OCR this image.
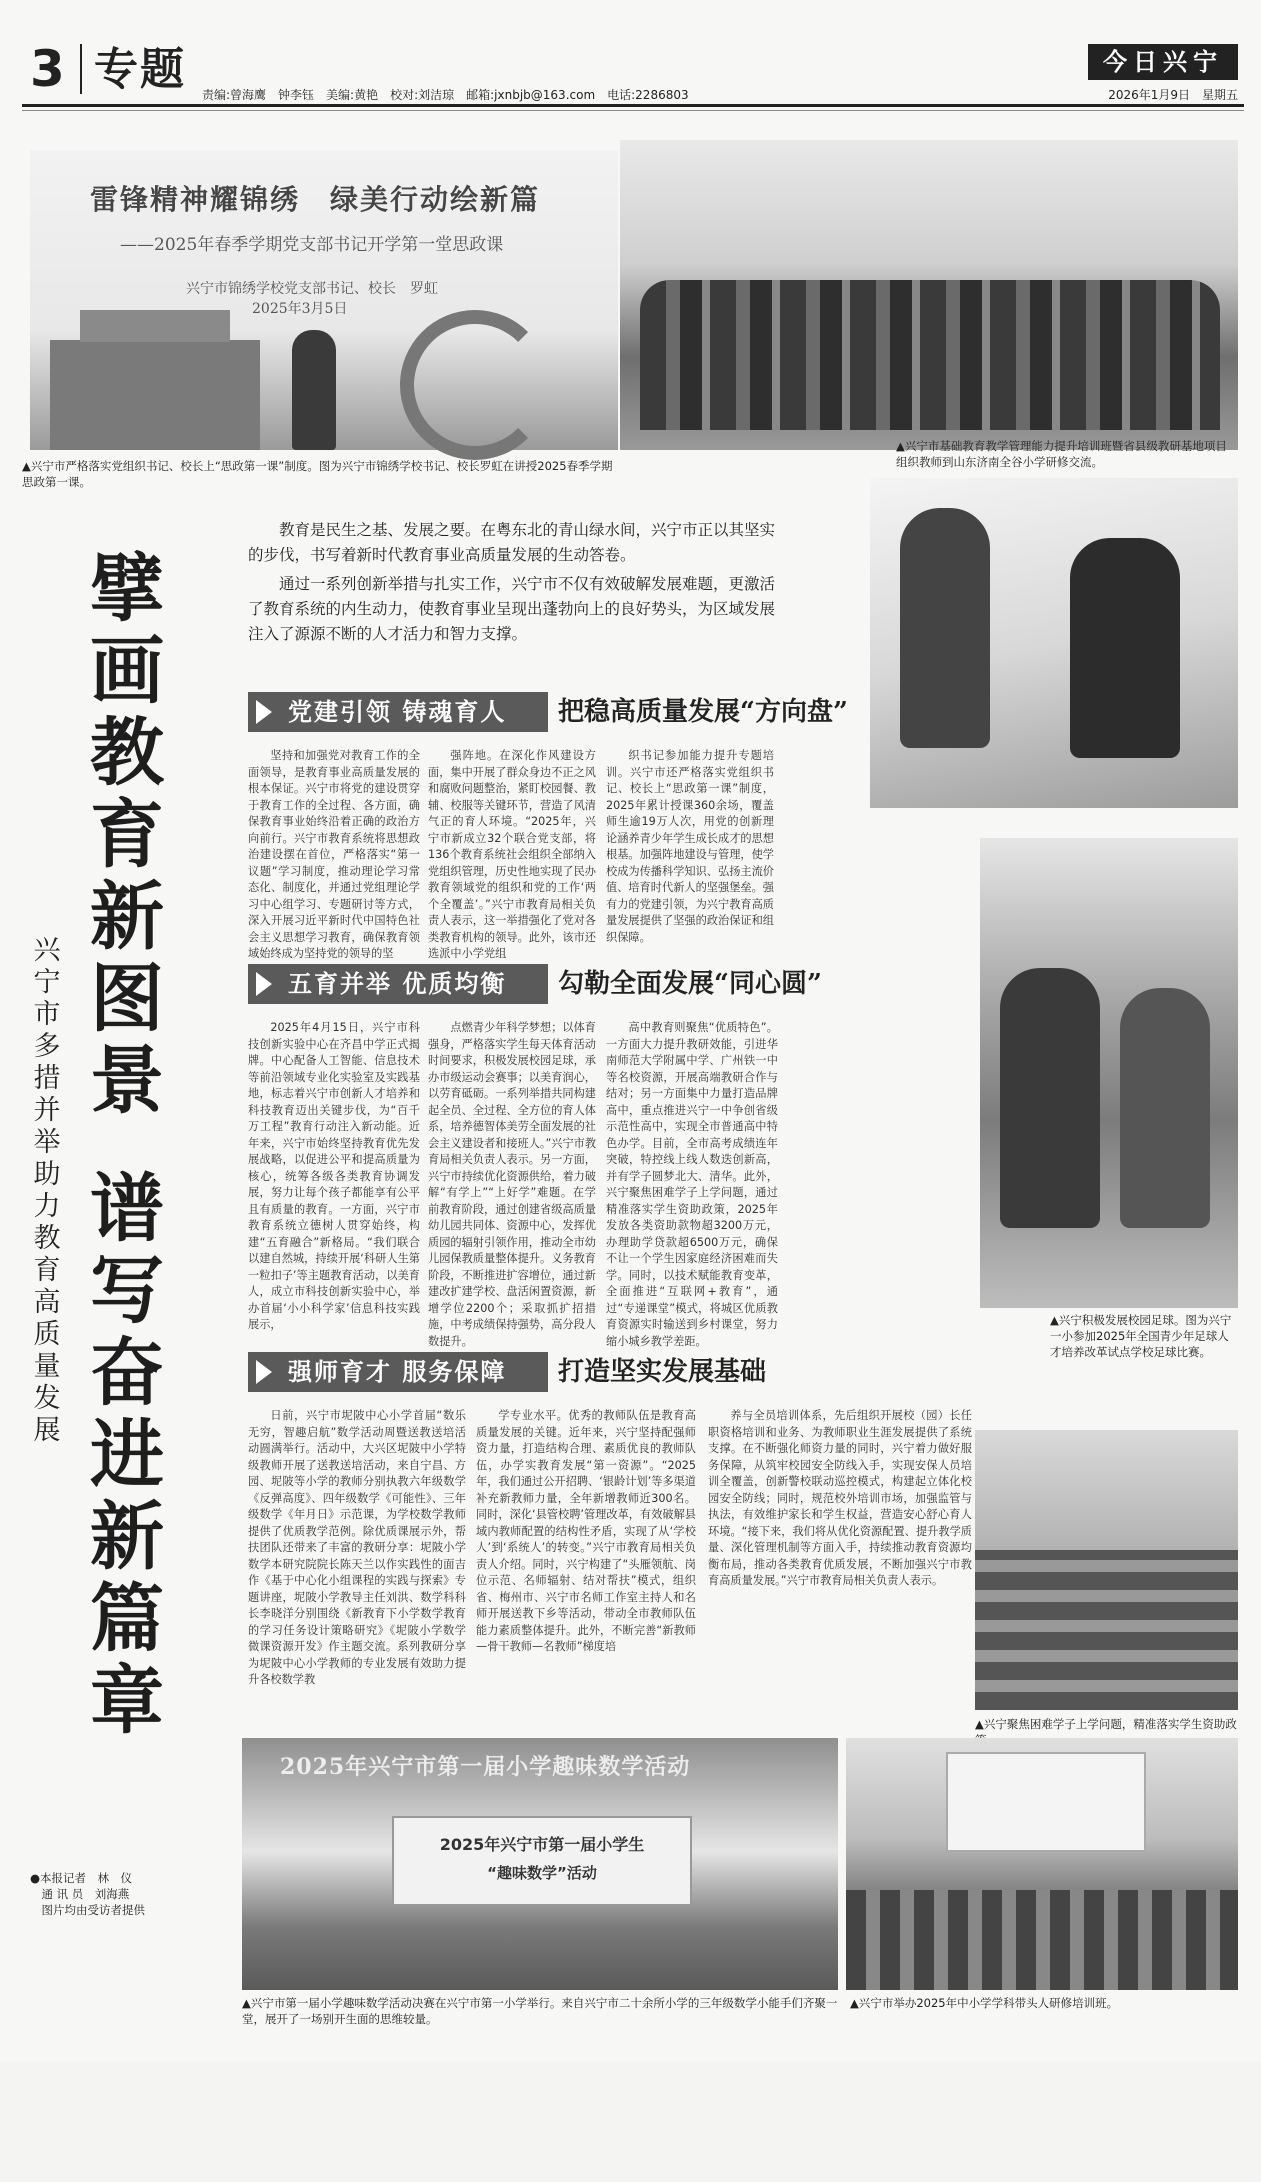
3 专题 责编:曾海鹰　钟李钰　美编:黄艳　校对:刘洁琼　邮箱:jxnbjb@163.com　电话:2286803
今日兴宁
2026年1月9日　星期五
雷锋精神耀锦绣　绿美行动绘新篇
——2025年春季学期党支部书记开学第一堂思政课
兴宁市锦绣学校党支部书记、校长　罗虹
2025年3月5日
▲兴宁市严格落实党组织书记、校长上“思政第一课”制度。图为兴宁市锦绣学校书记、校长罗虹在讲授2025春季学期思政第一课。
▲兴宁市基础教育教学管理能力提升培训班暨省县级教研基地项目组织教师到山东济南全谷小学研修交流。
擘
画
教
育
新
图
景
谱
写
奋
进
新
篇
章
兴
宁
市
多
措
并
举
助
力
教
育
高
质
量
发
展
●本报记者　林　仪
　通 讯 员　刘海燕
　图片均由受访者提供

教育是民生之基、发展之要。在粤东北的青山绿水间，兴宁市正以其坚实的步伐，书写着新时代教育事业高质量发展的生动答卷。

通过一系列创新举措与扎实工作，兴宁市不仅有效破解发展难题，更激活了教育系统的内生动力，使教育事业呈现出蓬勃向上的良好势头，为区域发展注入了源源不断的人才活力和智力支撑。

▲兴宁积极发展校园足球。图为兴宁一小参加2025年全国青少年足球人才培养改革试点学校足球比赛。
党建引领 铸魂育人	把稳高质量发展“方向盘”

坚持和加强党对教育工作的全面领导，是教育事业高质量发展的根本保证。兴宁市将党的建设贯穿于教育工作的全过程、各方面，确保教育事业始终沿着正确的政治方向前行。兴宁市教育系统将思想政治建设摆在首位，严格落实“第一议题”学习制度，推动理论学习常态化、制度化，并通过党组理论学习中心组学习、专题研讨等方式，深入开展习近平新时代中国特色社会主义思想学习教育，确保教育领域始终成为坚持党的领导的坚

强阵地。在深化作风建设方面，集中开展了群众身边不正之风和腐败问题整治，紧盯校园餐、教辅、校服等关键环节，营造了风清气正的育人环境。“2025年，兴宁市新成立32个联合党支部，将136个教育系统社会组织全部纳入党组织管理，历史性地实现了民办教育领域党的组织和党的工作‘两个全覆盖’。”兴宁市教育局相关负责人表示，这一举措强化了党对各类教育机构的领导。此外，该市还选派中小学党组

织书记参加能力提升专题培训。兴宁市还严格落实党组织书记、校长上“思政第一课”制度，2025年累计授课360余场，覆盖师生逾19万人次，用党的创新理论涵养青少年学生成长成才的思想根基。加强阵地建设与管理，使学校成为传播科学知识、弘扬主流价值、培育时代新人的坚强堡垒。强有力的党建引领，为兴宁教育高质量发展提供了坚强的政治保证和组织保障。

五育并举 优质均衡	勾勒全面发展“同心圆”

2025年4月15日，兴宁市科技创新实验中心在齐昌中学正式揭牌。中心配备人工智能、信息技术等前沿领域专业化实验室及实践基地，标志着兴宁市创新人才培养和科技教育迈出关键步伐，为“百千万工程”教育行动注入新动能。近年来，兴宁市始终坚持教育优先发展战略，以促进公平和提高质量为核心，统筹各级各类教育协调发展，努力让每个孩子都能享有公平且有质量的教育。一方面，兴宁市教育系统立德树人贯穿始终，构建“五育融合”新格局。“我们联合以建自然城，持续开展‘科研人生第一粒扣子’等主题教育活动，以美育人，成立市科技创新实验中心，举办首届‘小小科学家’信息科技实践展示，

点燃青少年科学梦想；以体育强身，严格落实学生每天体育活动时间要求，积极发展校园足球，承办市级运动会赛事；以美育润心，以劳育砥砺。一系列举措共同构建起全员、全过程、全方位的育人体系，培养德智体美劳全面发展的社会主义建设者和接班人。”兴宁市教育局相关负责人表示。另一方面，兴宁市持续优化资源供给，着力破解“有学上”“上好学”难题。在学前教育阶段，通过创建省级高质量幼儿园共同体、资源中心，发挥优质园的辐射引领作用，推动全市幼儿园保教质量整体提升。义务教育阶段，不断推进扩容增位，通过新建改扩建学校、盘活闲置资源，新增学位2200个；采取抓扩招措施，中考成绩保持强势，高分段人数提升。

高中教育则聚焦“优质特色”。一方面大力提升教研效能，引进华南师范大学附属中学、广州铁一中等名校资源，开展高端教研合作与结对；另一方面集中力量打造品牌高中，重点推进兴宁一中争创省级示范性高中，实现全市普通高中特色办学。目前，全市高考成绩连年突破，特控线上线人数迭创新高，并有学子圆梦北大、清华。此外，兴宁聚焦困难学子上学问题，通过精准落实学生资助政策，2025年发放各类资助款物超3200万元，办理助学贷款超6500万元，确保不让一个学生因家庭经济困难而失学。同时，以技术赋能教育变革，全面推进“互联网+教育”，通过“专递课堂”模式，将城区优质教育资源实时输送到乡村课堂，努力缩小城乡教学差距。

强师育才 服务保障	打造坚实发展基础

日前，兴宁市坭陂中心小学首届“数乐无穷，智趣启航”数学活动周暨送教送培活动圆满举行。活动中，大兴区坭陂中小学特级教师开展了送教送培活动，来自宁昌、方园、坭陂等小学的教师分别执教六年级数学《反弹高度》、四年级数学《可能性》、三年级数学《年月日》示范课，为学校数学教师提供了优质教学范例。除优质课展示外，帮扶团队还带来了丰富的教研分享：坭陂小学数学本研究院院长陈天兰以作实践性的面吉作《基于中心化小组课程的实践与探索》专题讲座，坭陂小学教导主任刘洪、数学科科长李晓洋分别围绕《新教育下小学数学教育的学习任务设计策略研究》《坭陂小学数学微课资源开发》作主题交流。系列教研分享为坭陂中心小学教师的专业发展有效助力提升各校数学教

学专业水平。优秀的教师队伍是教育高质量发展的关键。近年来，兴宁坚持配强师资力量，打造结构合理、素质优良的教师队伍，办学实教育发展“第一资源”。“2025年，我们通过公开招聘、‘银龄计划’等多渠道补充新教师力量，全年新增教师近300名。同时，深化‘县管校聘’管理改革，有效破解县域内教师配置的结构性矛盾，实现了从‘学校人’到‘系统人’的转变。”兴宁市教育局相关负责人介绍。同时，兴宁构建了“头雁领航、岗位示范、名师辐射、结对帮扶”模式，组织省、梅州市、兴宁市名师工作室主持人和名师开展送教下乡等活动，带动全市教师队伍能力素质整体提升。此外，不断完善“新教师—骨干教师—名教师”梯度培

养与全员培训体系，先后组织开展校（园）长任职资格培训和业务、为教师职业生涯发展提供了系统支撑。在不断强化师资力量的同时，兴宁着力做好服务保障，从筑牢校园安全防线入手，实现安保人员培训全覆盖，创新警校联动巡控模式，构建起立体化校园安全防线；同时，规范校外培训市场，加强监管与执法，有效维护家长和学生权益，营造安心舒心育人环境。“接下来，我们将从优化资源配置、提升教学质量、深化管理机制等方面入手，持续推动教育资源均衡布局，推动各类教育优质发展，不断加强兴宁市教育高质量发展。”兴宁市教育局相关负责人表示。

▲兴宁聚焦困难学子上学问题，精准落实学生资助政
2025年兴宁市第一届小学趣味数学活动
2025年兴宁市第一届小学生
“趣味数学”活动
▲兴宁市第一届小学趣味数学活动决赛在兴宁市第一小学举行。来自兴宁市二十余所小学的三年级数学小能手们齐聚一堂，展开了一场别开生面的思维较量。
▲兴宁市举办2025年中小学学科带头人研修培训班。
